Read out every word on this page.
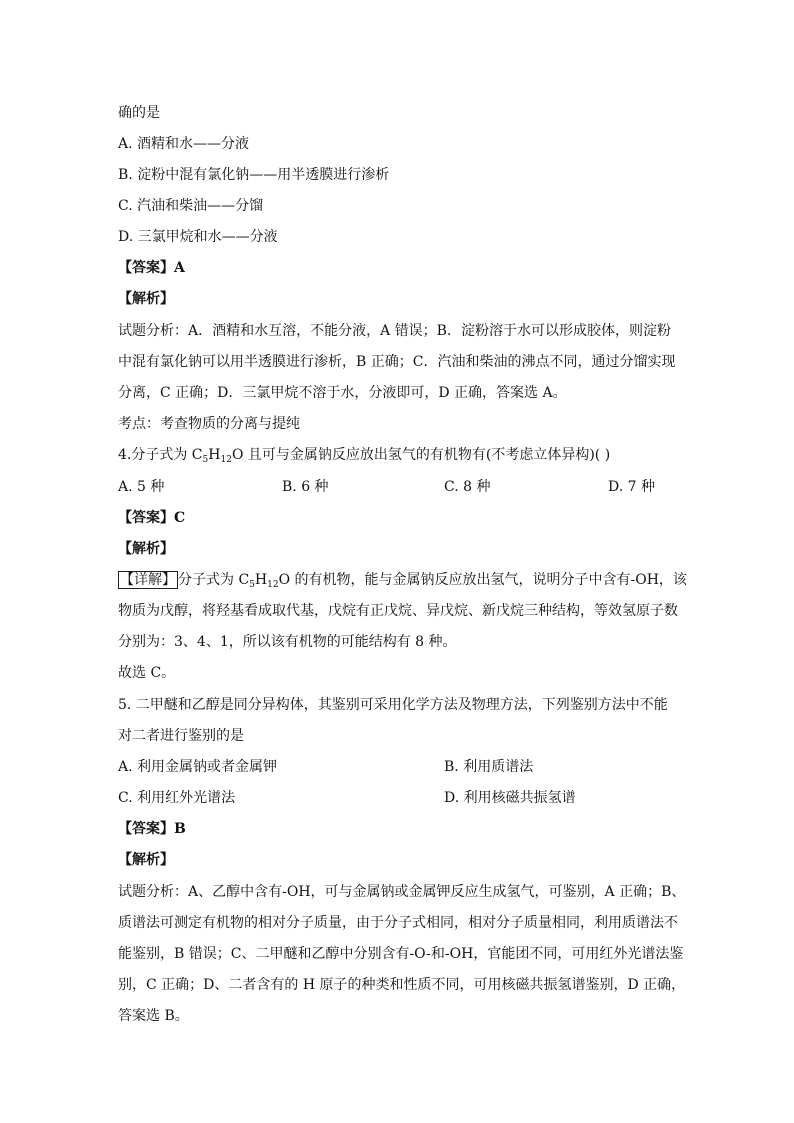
确的是
A. 酒精和水——分液
B. 淀粉中混有氯化钠——用半透膜进行渗析
C. 汽油和柴油——分馏
D. 三氯甲烷和水——分液
【答案】A
【解析】
试题分析：A．酒精和水互溶，不能分液，A 错误；B．淀粉溶于水可以形成胶体，则淀粉
中混有氯化钠可以用半透膜进行渗析，B 正确；C．汽油和柴油的沸点不同，通过分馏实现
分离，C 正确；D．三氯甲烷不溶于水，分液即可，D 正确，答案选 A。
考点：考查物质的分离与提纯
4.分子式为 $C_5H_{12}O$ 且可与金属钠反应放出氢气的有机物有(不考虑立体异构)( )
A. 5 种	B. 6 种	C. 8 种	D. 7 种
【答案】C
【解析】
【详解】 分子式为 $C_5H_{12}O$ 的有机物，能与金属钠反应放出氢气，说明分子中含有-OH，该
物质为戊醇，将羟基看成取代基，戊烷有正戊烷、异戊烷、新戊烷三种结构，等效氢原子数
分别为：3、4、1，所以该有机物的可能结构有 8 种。
故选 C。
5. 二甲醚和乙醇是同分异构体，其鉴别可采用化学方法及物理方法，下列鉴别方法中不能
对二者进行鉴别的是
A. 利用金属钠或者金属钾	B. 利用质谱法
C. 利用红外光谱法	D. 利用核磁共振氢谱
【答案】B
【解析】
试题分析：A、乙醇中含有-OH，可与金属钠或金属钾反应生成氢气，可鉴别，A 正确；B、
质谱法可测定有机物的相对分子质量，由于分子式相同，相对分子质量相同，利用质谱法不
能鉴别，B 错误；C、二甲醚和乙醇中分别含有-O-和-OH，官能团不同，可用红外光谱法鉴
别，C 正确；D、二者含有的 H 原子的种类和性质不同，可用核磁共振氢谱鉴别，D 正确，
答案选 B。
